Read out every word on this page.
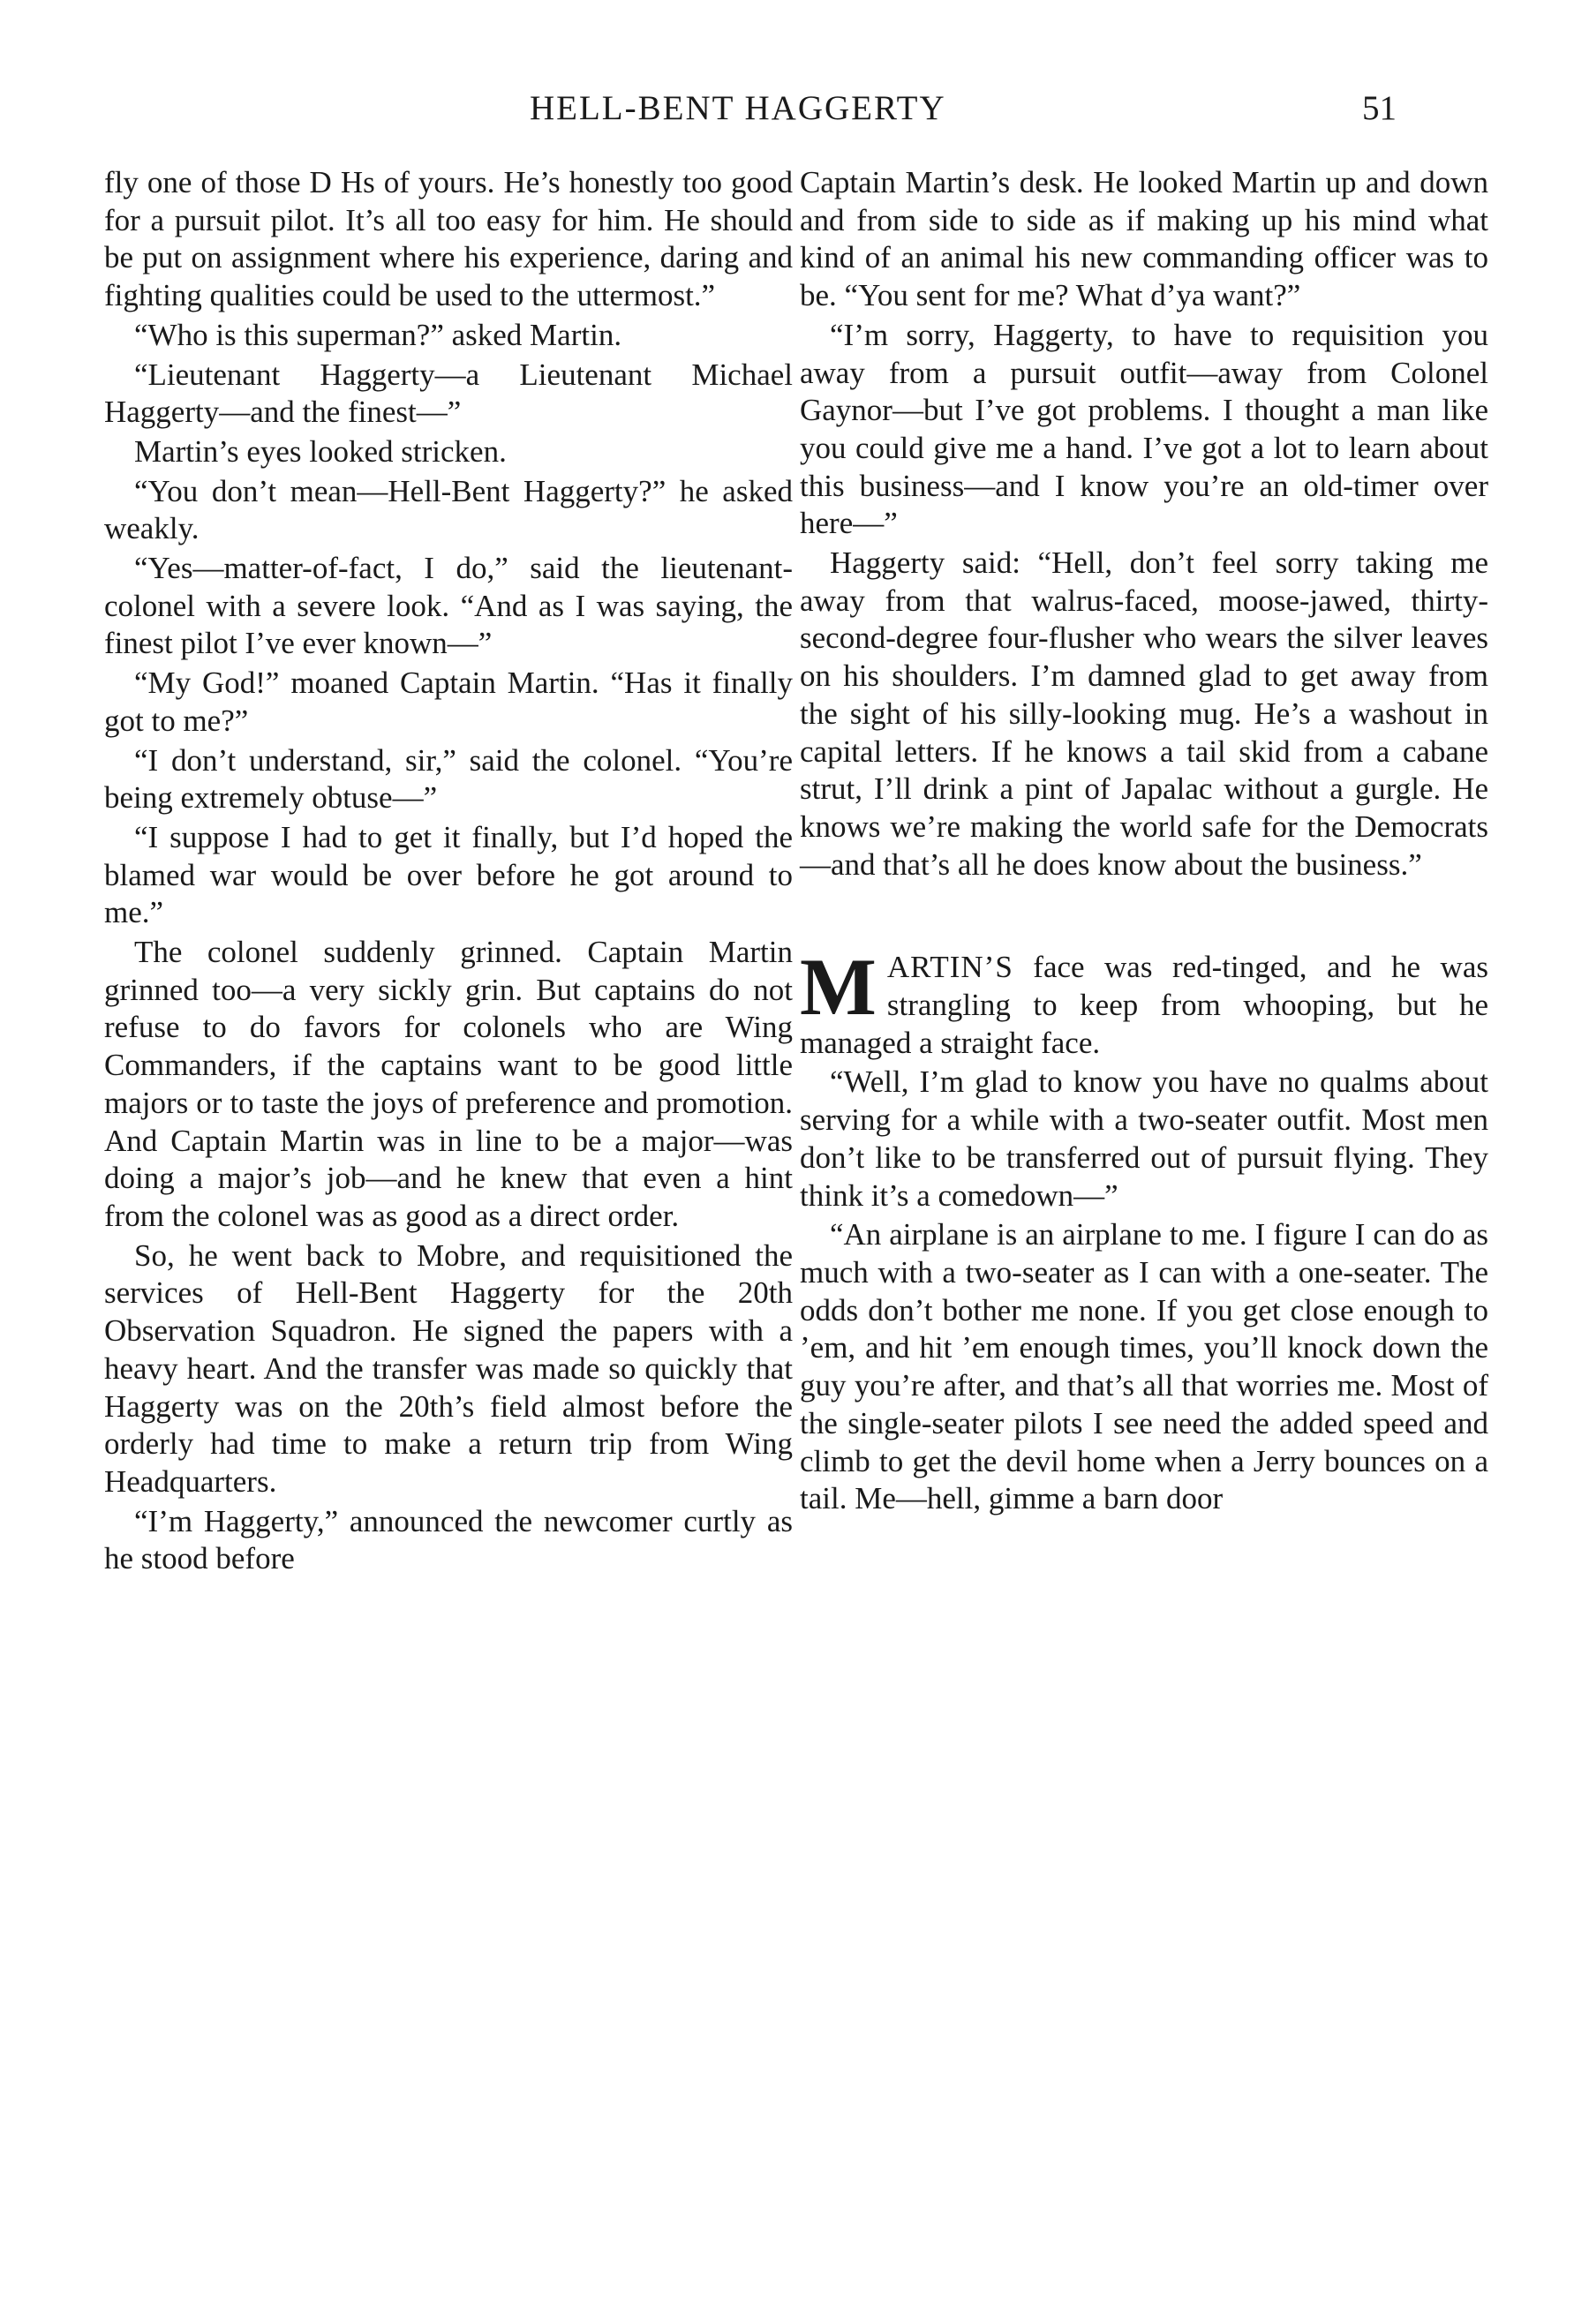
HELL-BENT HAGGERTY	51

fly one of those D Hs of yours. He’s honestly too good for a pursuit pilot. It’s all too easy for him. He should be put on assignment where his experience, daring and fighting qualities could be used to the uttermost.”

“Who is this superman?” asked Martin.

“Lieutenant Haggerty—a Lieutenant Michael Haggerty—and the finest—”

Martin’s eyes looked stricken.

“You don’t mean—Hell-Bent Haggerty?” he asked weakly.

“Yes—matter-of-fact, I do,” said the lieutenant-colonel with a severe look. “And as I was saying, the finest pilot I’ve ever known—”

“My God!” moaned Captain Martin. “Has it finally got to me?”

“I don’t understand, sir,” said the colonel. “You’re being extremely obtuse—”

“I suppose I had to get it finally, but I’d hoped the blamed war would be over before he got around to me.”

The colonel suddenly grinned. Captain Martin grinned too—a very sickly grin. But captains do not refuse to do favors for colonels who are Wing Commanders, if the captains want to be good little majors or to taste the joys of preference and promotion. And Captain Martin was in line to be a major—was doing a major’s job—and he knew that even a hint from the colonel was as good as a direct order.

So, he went back to Mobre, and requisitioned the services of Hell-Bent Haggerty for the 20th Observation Squadron. He signed the papers with a heavy heart. And the transfer was made so quickly that Haggerty was on the 20th’s field almost before the orderly had time to make a return trip from Wing Headquarters.

“I’m Haggerty,” announced the newcomer curtly as he stood before

Captain Martin’s desk. He looked Martin up and down and from side to side as if making up his mind what kind of an animal his new commanding officer was to be. “You sent for me? What d’ya want?”

“I’m sorry, Haggerty, to have to requisition you away from a pursuit outfit—away from Colonel Gaynor—but I’ve got problems. I thought a man like you could give me a hand. I’ve got a lot to learn about this business—and I know you’re an old-timer over here—”

Haggerty said: “Hell, don’t feel sorry taking me away from that walrus-faced, moose-jawed, thirty-second-degree four-flusher who wears the silver leaves on his shoulders. I’m damned glad to get away from the sight of his silly-looking mug. He’s a washout in capital letters. If he knows a tail skid from a cabane strut, I’ll drink a pint of Japalac without a gurgle. He knows we’re making the world safe for the Democrats—and that’s all he does know about the business.”

MARTIN’S face was red-tinged, and he was strangling to keep from whooping, but he managed a straight face.

“Well, I’m glad to know you have no qualms about serving for a while with a two-seater outfit. Most men don’t like to be transferred out of pursuit flying. They think it’s a comedown—”

“An airplane is an airplane to me. I figure I can do as much with a two-seater as I can with a one-seater. The odds don’t bother me none. If you get close enough to ’em, and hit ’em enough times, you’ll knock down the guy you’re after, and that’s all that worries me. Most of the single-seater pilots I see need the added speed and climb to get the devil home when a Jerry bounces on a tail. Me—hell, gimme a barn door
